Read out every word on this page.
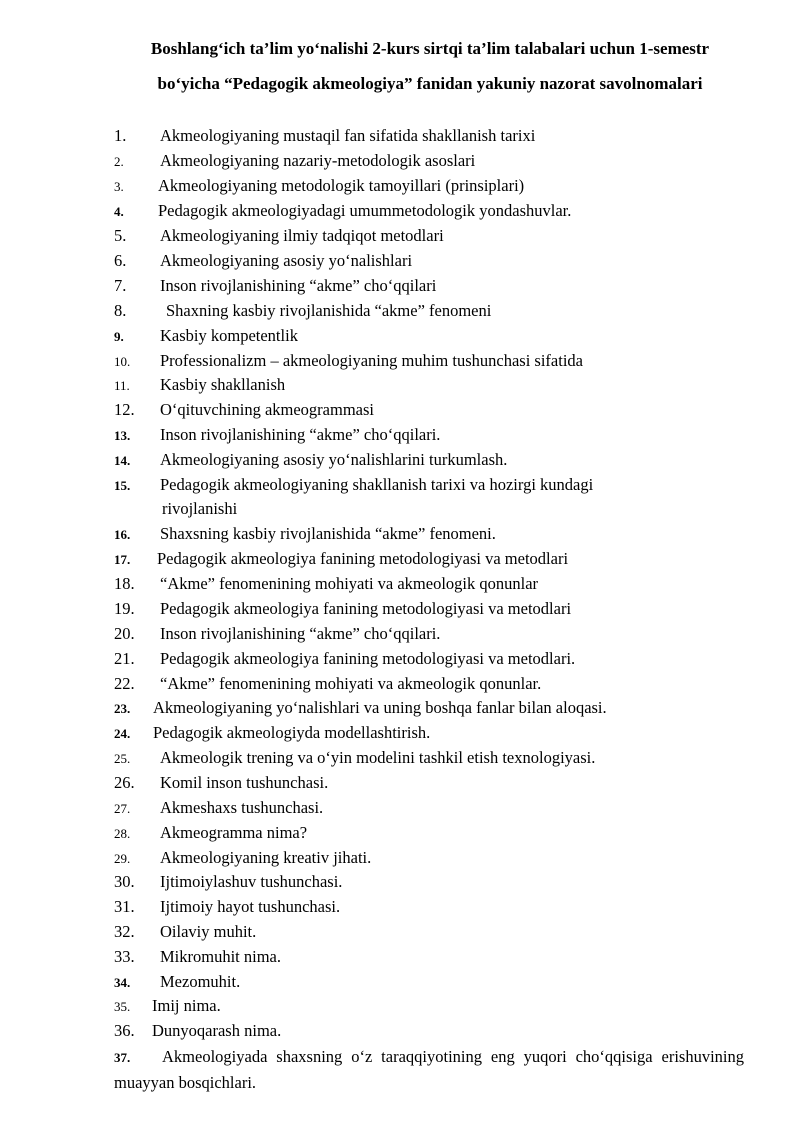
Boshlang‘ich ta’lim yo‘nalishi 2-kurs sirtqi ta’lim talabalari uchun 1-semestr
bo‘yicha “Pedagogik akmeologiya” fanidan yakuniy nazorat savolnomalari
1. Akmeologiyaning mustaqil fan sifatida shakllanish tarixi
2. Akmeologiyaning nazariy-metodologik asoslari
3. Akmeologiyaning metodologik tamoyillari (prinsiplari)
4. Pedagogik akmeologiyadagi umummetodologik yondashuvlar.
5. Akmeologiyaning ilmiy tadqiqot metodlari
6. Akmeologiyaning asosiy yo‘nalishlari
7. Inson rivojlanishining “akme” cho‘qqilari
8. Shaxning kasbiy rivojlanishida “akme” fenomeni
9. Kasbiy kompetentlik
10. Professionalizm – akmeologiyaning muhim tushunchasi sifatida
11. Kasbiy shakllanish
12. O‘qituvchining akmeogrammasi
13. Inson rivojlanishining “akme” cho‘qqilari.
14. Akmeologiyaning asosiy yo‘nalishlarini turkumlash.
15. Pedagogik akmeologiyaning shakllanish tarixi va hozirgi kundagi
rivojlanishi
16. Shaxsning kasbiy rivojlanishida “akme” fenomeni.
17. Pedagogik akmeologiya fanining metodologiyasi va metodlari
18. “Akme” fenomenining mohiyati va akmeologik qonunlar
19. Pedagogik akmeologiya fanining metodologiyasi va metodlari
20. Inson rivojlanishining “akme” cho‘qqilari.
21. Pedagogik akmeologiya fanining metodologiyasi va metodlari.
22. “Akme” fenomenining mohiyati va akmeologik qonunlar.
23. Akmeologiyaning yo‘nalishlari va uning boshqa fanlar bilan aloqasi.
24. Pedagogik akmeologiyda modellashtirish.
25. Akmeologik trening va o‘yin modelini tashkil etish texnologiyasi.
26. Komil inson tushunchasi.
27. Akmeshaxs tushunchasi.
28. Akmeogramma nima?
29. Akmeologiyaning kreativ jihati.
30. Ijtimoiylashuv tushunchasi.
31. Ijtimoiy hayot tushunchasi.
32. Oilaviy muhit.
33. Mikromuhit nima.
34. Mezomuhit.
35. Imij nima.
36. Dunyoqarash nima.
37. Akmeologiyada shaxsning o‘z taraqqiyotining eng yuqori cho‘qqisiga erishuvining muayyan bosqichlari.
